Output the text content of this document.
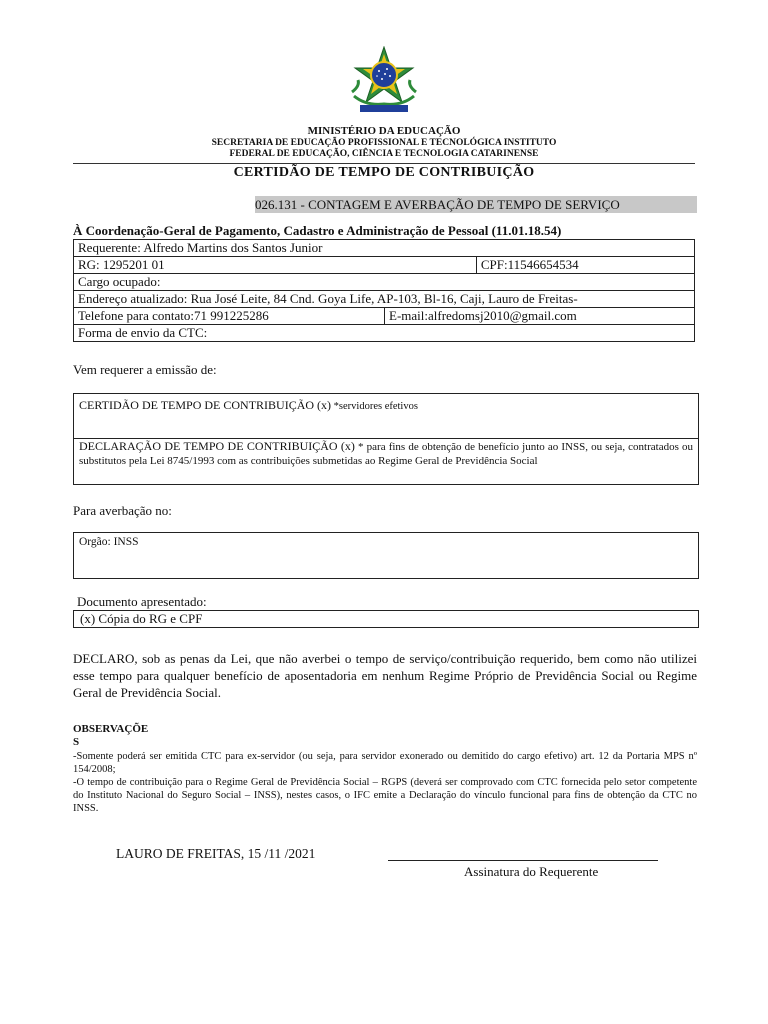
MINISTÉRIO DA EDUCAÇÃO
SECRETARIA DE EDUCAÇÃO PROFISSIONAL E TECNOLÓGICA INSTITUTO
FEDERAL DE EDUCAÇÃO, CIÊNCIA E TECNOLOGIA CATARINENSE
CERTIDÃO DE TEMPO DE CONTRIBUIÇÃO
026.131 - CONTAGEM E AVERBAÇÃO DE TEMPO DE SERVIÇO
À Coordenação-Geral de Pagamento, Cadastro e Administração de Pessoal (11.01.18.54)
Requerente: Alfredo Martins dos Santos Junior		
RG: 1295201 01		CPF:11546654534
Cargo ocupado:		
Endereço atualizado: Rua José Leite, 84 Cnd. Goya Life, AP-103, Bl-16, Caji, Lauro de Freitas-		
Telefone para contato:71 991225286	E-mail:alfredomsj2010@gmail.com	
Forma de envio da CTC:		
Vem requerer a emissão de:
CERTIDÃO DE TEMPO DE CONTRIBUIÇÃO (x) *servidores efetivos
DECLARAÇÃO DE TEMPO DE CONTRIBUIÇÃO (x) * para fins de obtenção de benefício junto ao INSS, ou seja, contratados ou substitutos pela Lei 8745/1993 com as contribuições submetidas ao Regime Geral de Previdência Social
Para averbação no:
Orgão: INSS
Documento apresentado:
(x) Cópia do RG e CPF
DECLARO, sob as penas da Lei, que não averbei o tempo de serviço/contribuição requerido, bem como não utilizei esse tempo para qualquer benefício de aposentadoria em nenhum Regime Próprio de Previdência Social ou Regime Geral de Previdência Social.
OBSERVAÇÕE
S
-Somente poderá ser emitida CTC para ex-servidor (ou seja, para servidor exonerado ou demitido do cargo efetivo) art. 12 da Portaria MPS nº 154/2008;
-O tempo de contribuição para o Regime Geral de Previdência Social – RGPS (deverá ser comprovado com CTC fornecida pelo setor competente do Instituto Nacional do Seguro Social – INSS), nestes casos, o IFC emite a Declaração do vínculo funcional para fins de obtenção da CTC no INSS.
LAURO DE FREITAS, 15 /11 /2021
Assinatura do Requerente
